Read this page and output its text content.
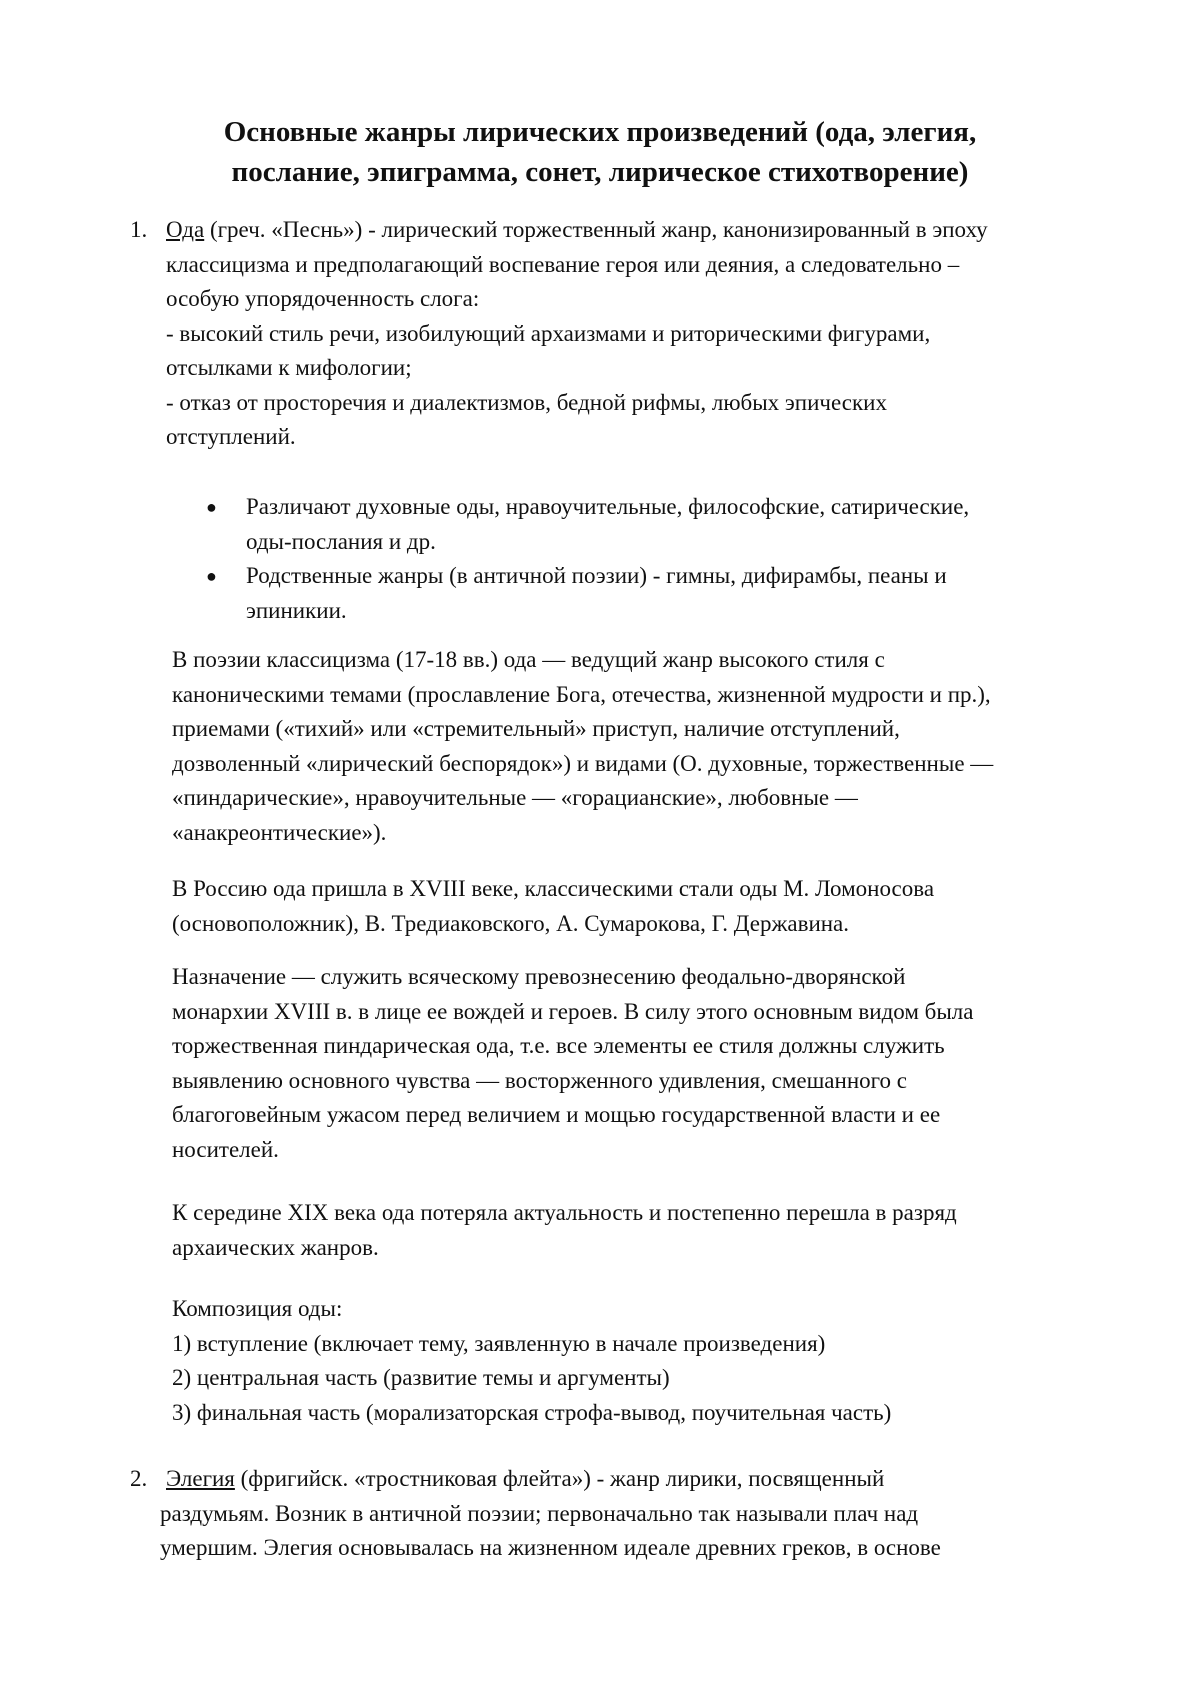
Основные жанры лирических произведений (ода, элегия,
послание, эпиграмма, сонет, лирическое стихотворение)
1. Ода (греч. «Песнь») - лирический торжественный жанр, канонизированный в эпоху
классицизма и предполагающий воспевание героя или деяния, а следовательно –
особую упорядоченность слога:
- высокий стиль речи, изобилующий архаизмами и риторическими фигурами,
отсылками к мифологии;
- отказ от просторечия и диалектизмов, бедной рифмы, любых эпических
отступлений.
● Различают духовные оды, нравоучительные, философские, сатирические,
оды-послания и др.
● Родственные жанры (в античной поэзии) - гимны, дифирамбы, пеаны и
эпиникии.
В поэзии классицизма (17-18 вв.) ода — ведущий жанр высокого стиля с
каноническими темами (прославление Бога, отечества, жизненной мудрости и пр.),
приемами («тихий» или «стремительный» приступ, наличие отступлений,
дозволенный «лирический беспорядок») и видами (О. духовные, торжественные —
«пиндарические», нравоучительные — «горацианские», любовные —
«анакреонтические»).
В Россию ода пришла в XVIII веке, классическими стали оды М. Ломоносова
(основоположник), В. Тредиаковского, А. Сумарокова, Г. Державина.
Назначение — служить всяческому превознесению феодально-дворянской
монархии XVIII в. в лице ее вождей и героев. В силу этого основным видом была
торжественная пиндарическая ода, т.е. все элементы ее стиля должны служить
выявлению основного чувства — восторженного удивления, смешанного с
благоговейным ужасом перед величием и мощью государственной власти и ее
носителей.
К середине XIX века ода потеряла актуальность и постепенно перешла в разряд
архаических жанров.
Композиция оды:
1) вступление (включает тему, заявленную в начале произведения)
2) центральная часть (развитие темы и аргументы)
3) финальная часть (морализаторская строфа-вывод, поучительная часть)
2. Элегия (фригийск. «тростниковая флейта») - жанр лирики, посвященный
раздумьям. Возник в античной поэзии; первоначально так называли плач над
умершим. Элегия основывалась на жизненном идеале древних греков, в основе
